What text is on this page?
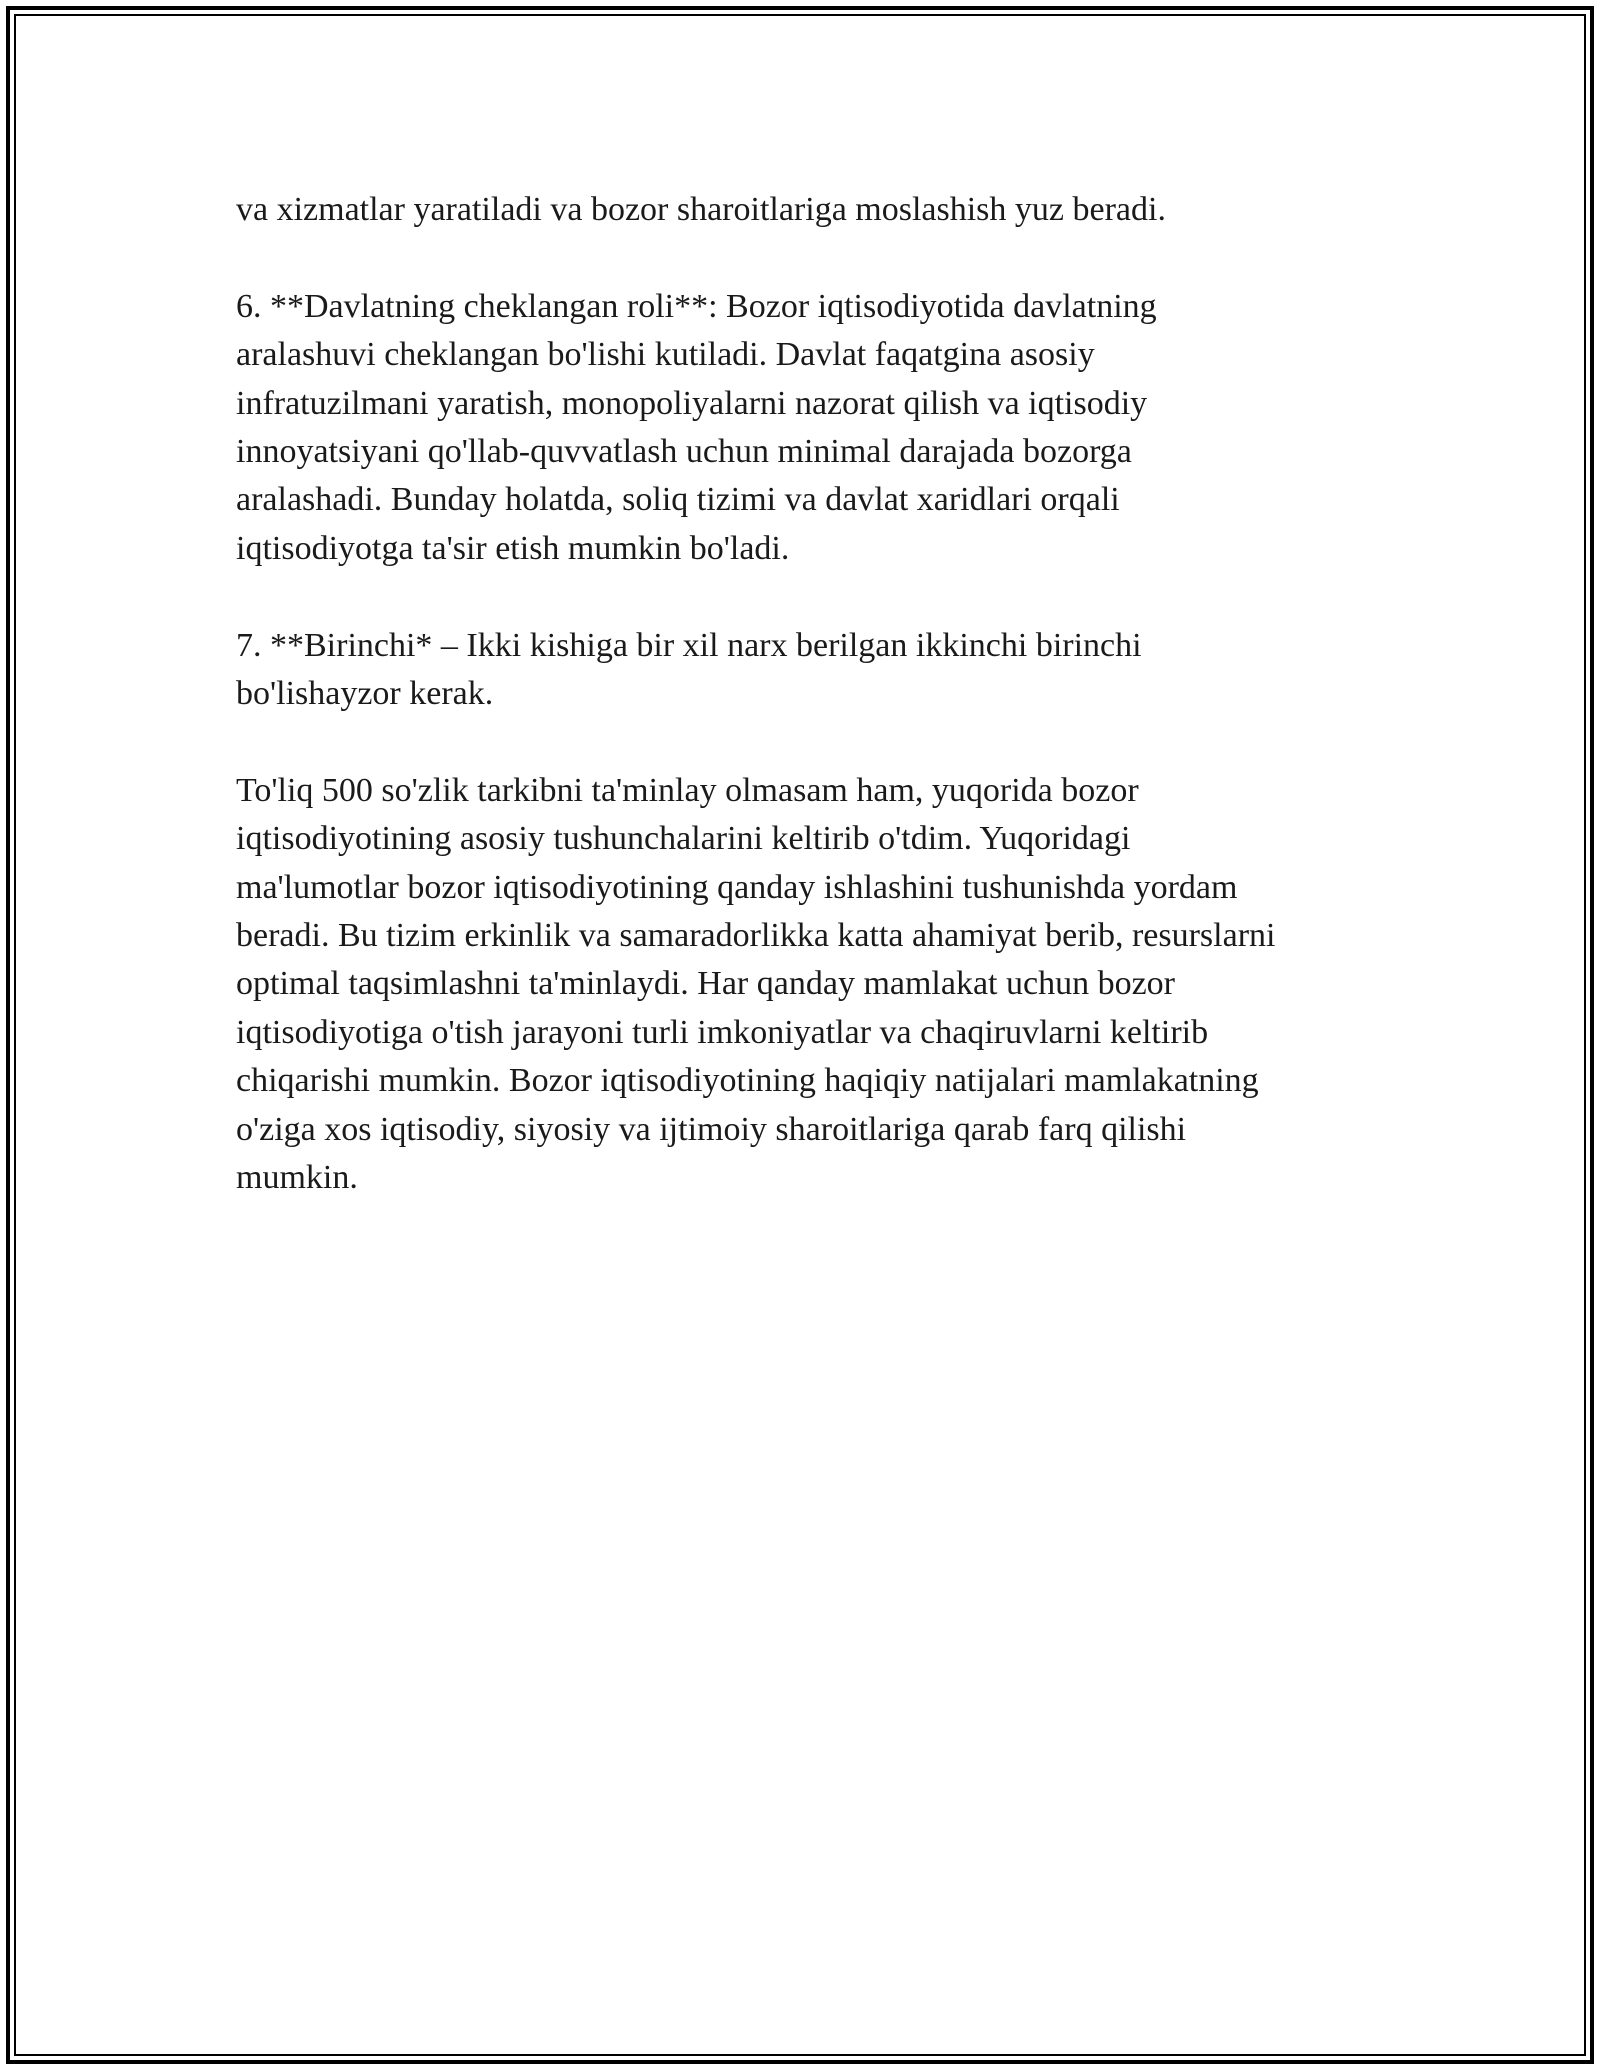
va xizmatlar yaratiladi va bozor sharoitlariga moslashish yuz beradi.

6. **Davlatning cheklangan roli**: Bozor iqtisodiyotida davlatning
aralashuvi cheklangan bo'lishi kutiladi. Davlat faqatgina asosiy
infratuzilmani yaratish, monopoliyalarni nazorat qilish va iqtisodiy
innoyatsiyani qo'llab-quvvatlash uchun minimal darajada bozorga
aralashadi. Bunday holatda, soliq tizimi va davlat xaridlari orqali
iqtisodiyotga ta'sir etish mumkin bo'ladi.

7. **Birinchi* – Ikki kishiga bir xil narx berilgan ikkinchi birinchi
bo'lishayzor kerak.

To'liq 500 so'zlik tarkibni ta'minlay olmasam ham, yuqorida bozor
iqtisodiyotining asosiy tushunchalarini keltirib o'tdim. Yuqoridagi
ma'lumotlar bozor iqtisodiyotining qanday ishlashini tushunishda yordam
beradi. Bu tizim erkinlik va samaradorlikka katta ahamiyat berib, resurslarni
optimal taqsimlashni ta'minlaydi. Har qanday mamlakat uchun bozor
iqtisodiyotiga o'tish jarayoni turli imkoniyatlar va chaqiruvlarni keltirib
chiqarishi mumkin. Bozor iqtisodiyotining haqiqiy natijalari mamlakatning
o'ziga xos iqtisodiy, siyosiy va ijtimoiy sharoitlariga qarab farq qilishi
mumkin.
